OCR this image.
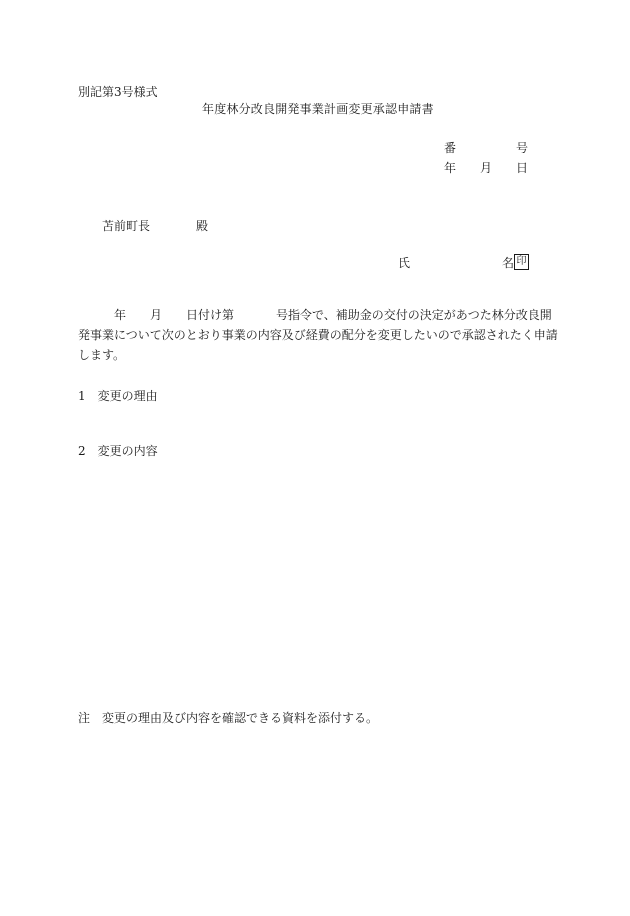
別記第3号様式
年度林分改良開発事業計画変更承認申請書
番	号
年 月 日
苫前町長	殿
氏	名 印
年 月 日付け第	号指令で、補助金の交付の決定があつた林分改良開
発事業について次のとおり事業の内容及び経費の配分を変更したいので承認されたく申請
します。
1 変更の理由
2 変更の内容
注 変更の理由及び内容を確認できる資料を添付する。
